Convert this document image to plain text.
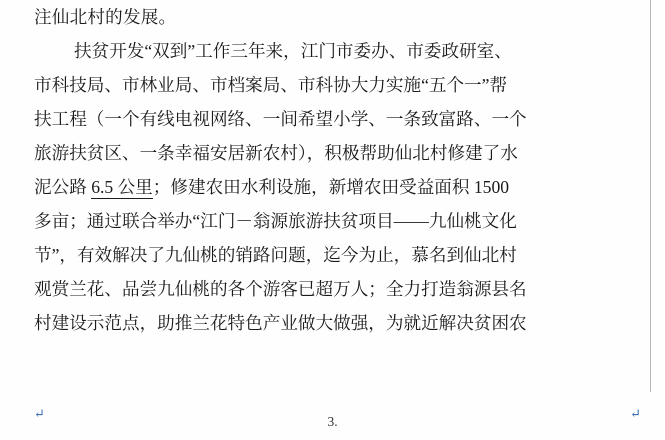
注仙北村的发展。

扶贫开发“双到”工作三年来，江门市委办、市委政研室、
市科技局、市林业局、市档案局、市科协大力实施“五个一”帮
扶工程（一个有线电视网络、一间希望小学、一条致富路、一个
旅游扶贫区、一条幸福安居新农村），积极帮助仙北村修建了水
泥公路 6.5 公里；修建农田水利设施，新增农田受益面积 1500
多亩；通过联合举办“江门－翁源旅游扶贫项目——九仙桃文化
节”，有效解决了九仙桃的销路问题，迄今为止，慕名到仙北村
观赏兰花、品尝九仙桃的各个游客已超万人；全力打造翁源县名
村建设示范点，助推兰花特色产业做大做强，为就近解决贫困农
↵	↵
3.
